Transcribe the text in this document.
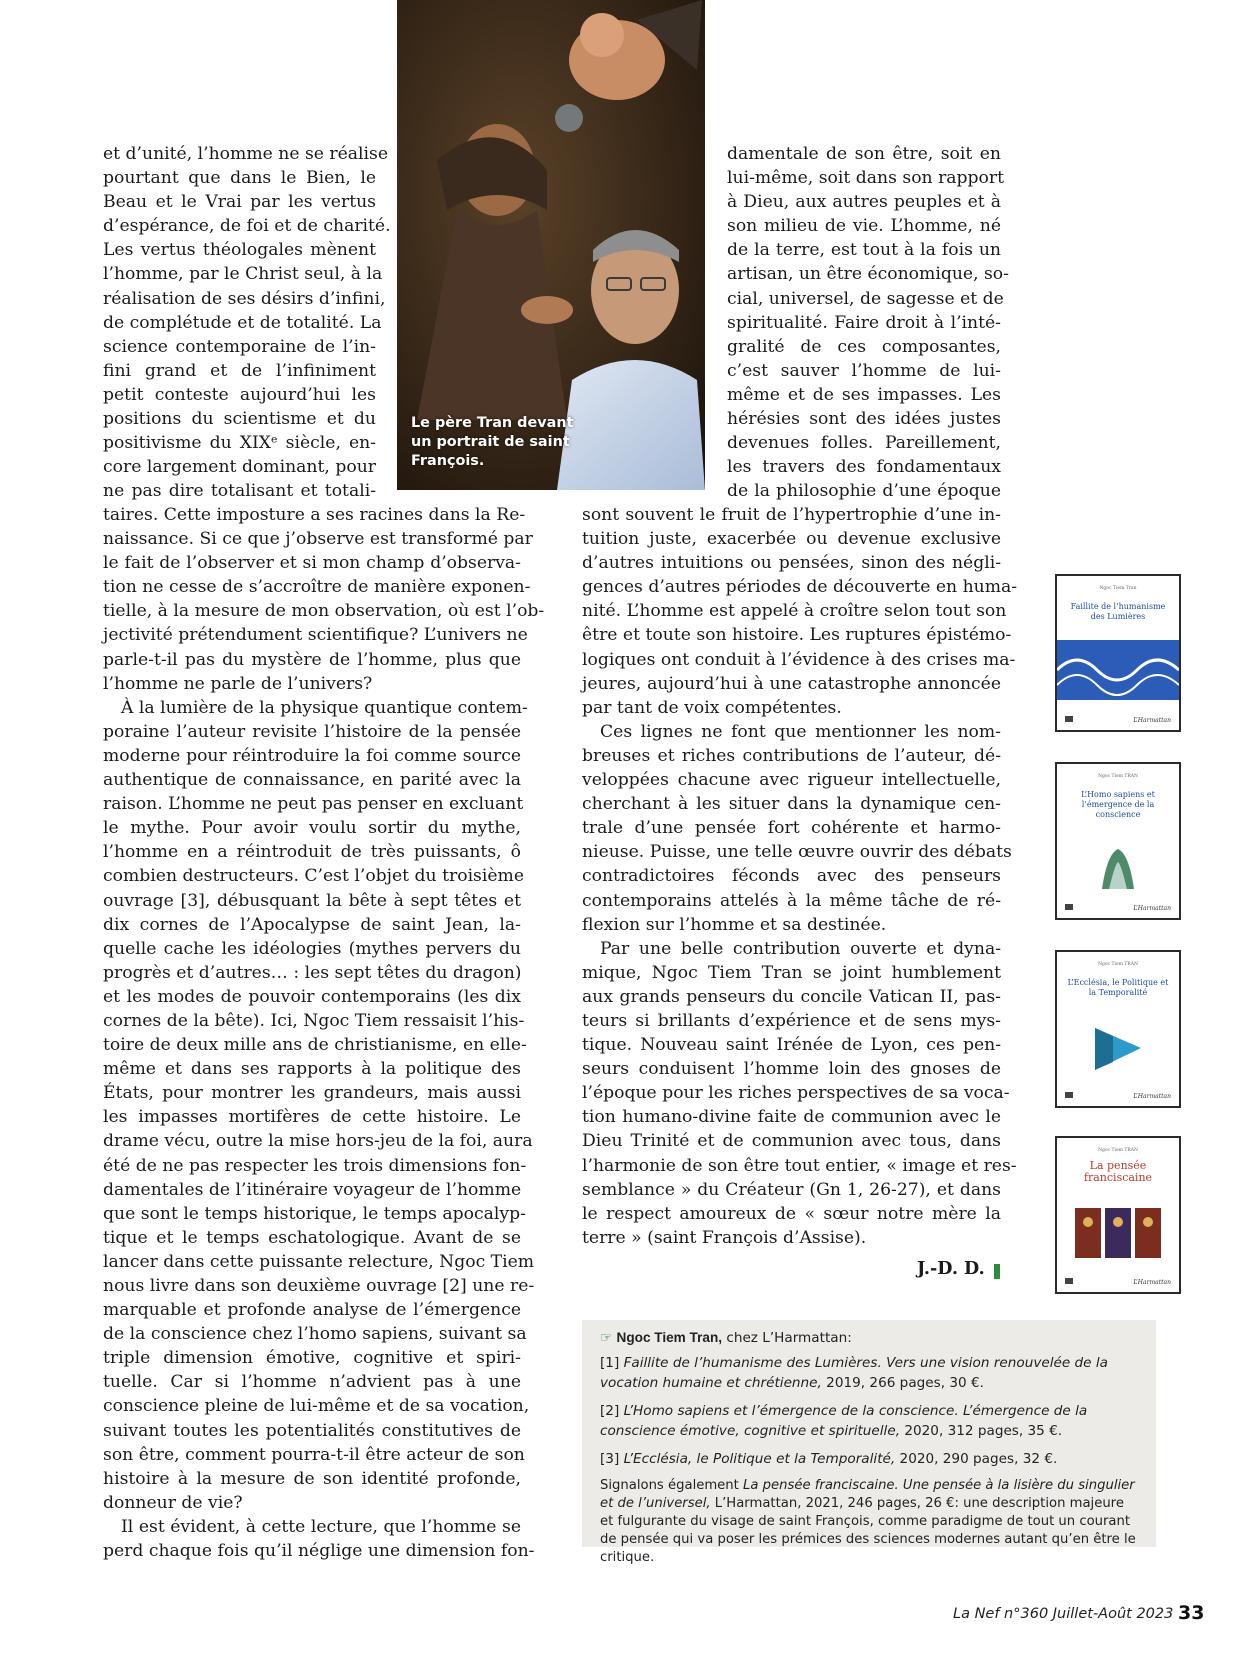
Le père Tran devant un portrait de saint François.

et d’unité, l’homme ne se réalise
pourtant que dans le Bien, le
Beau et le Vrai par les vertus
d’espérance, de foi et de charité.
Les vertus théologales mènent
l’homme, par le Christ seul, à la
réalisation de ses désirs d’infini,
de complétude et de totalité. La
science contemporaine de l’in-
fini grand et de l’infiniment
petit conteste aujourd’hui les
positions du scientisme et du
positivisme du XIXᵉ siècle, en-
core largement dominant, pour
ne pas dire totalisant et totali-

taires. Cette imposture a ses racines dans la Re-
naissance. Si ce que j’observe est transformé par
le fait de l’observer et si mon champ d’observa-
tion ne cesse de s’accroître de manière exponen-
tielle, à la mesure de mon observation, où est l’ob-
jectivité prétendument scientifique? L’univers ne
parle-t-il pas du mystère de l’homme, plus que
l’homme ne parle de l’univers?
À la lumière de la physique quantique contem-
poraine l’auteur revisite l’histoire de la pensée
moderne pour réintroduire la foi comme source
authentique de connaissance, en parité avec la
raison. L’homme ne peut pas penser en excluant
le mythe. Pour avoir voulu sortir du mythe,
l’homme en a réintroduit de très puissants, ô
combien destructeurs. C’est l’objet du troisième
ouvrage [3], débusquant la bête à sept têtes et
dix cornes de l’Apocalypse de saint Jean, la-
quelle cache les idéologies (mythes pervers du
progrès et d’autres… : les sept têtes du dragon)
et les modes de pouvoir contemporains (les dix
cornes de la bête). Ici, Ngoc Tiem ressaisit l’his-
toire de deux mille ans de christianisme, en elle-
même et dans ses rapports à la politique des
États, pour montrer les grandeurs, mais aussi
les impasses mortifères de cette histoire. Le
drame vécu, outre la mise hors-jeu de la foi, aura
été de ne pas respecter les trois dimensions fon-
damentales de l’itinéraire voyageur de l’homme
que sont le temps historique, le temps apocalyp-
tique et le temps eschatologique. Avant de se
lancer dans cette puissante relecture, Ngoc Tiem
nous livre dans son deuxième ouvrage [2] une re-
marquable et profonde analyse de l’émergence
de la conscience chez l’homo sapiens, suivant sa
triple dimension émotive, cognitive et spiri-
tuelle. Car si l’homme n’advient pas à une
conscience pleine de lui-même et de sa vocation,
suivant toutes les potentialités constitutives de
son être, comment pourra-t-il être acteur de son
histoire à la mesure de son identité profonde,
donneur de vie?
Il est évident, à cette lecture, que l’homme se
perd chaque fois qu’il néglige une dimension fon-
damentale de son être, soit en
lui-même, soit dans son rapport
à Dieu, aux autres peuples et à
son milieu de vie. L’homme, né
de la terre, est tout à la fois un
artisan, un être économique, so-
cial, universel, de sagesse et de
spiritualité. Faire droit à l’inté-
gralité de ces composantes,
c’est sauver l’homme de lui-
même et de ses impasses. Les
hérésies sont des idées justes
devenues folles. Pareillement,
les travers des fondamentaux
de la philosophie d’une époque
sont souvent le fruit de l’hypertrophie d’une in-
tuition juste, exacerbée ou devenue exclusive
d’autres intuitions ou pensées, sinon des négli-
gences d’autres périodes de découverte en huma-
nité. L’homme est appelé à croître selon tout son
être et toute son histoire. Les ruptures épistémo-
logiques ont conduit à l’évidence à des crises ma-
jeures, aujourd’hui à une catastrophe annoncée
par tant de voix compétentes.
Ces lignes ne font que mentionner les nom-
breuses et riches contributions de l’auteur, dé-
veloppées chacune avec rigueur intellectuelle,
cherchant à les situer dans la dynamique cen-
trale d’une pensée fort cohérente et harmo-
nieuse. Puisse, une telle œuvre ouvrir des débats
contradictoires féconds avec des penseurs
contemporains attelés à la même tâche de ré-
flexion sur l’homme et sa destinée.
Par une belle contribution ouverte et dyna-
mique, Ngoc Tiem Tran se joint humblement
aux grands penseurs du concile Vatican II, pas-
teurs si brillants d’expérience et de sens mys-
tique. Nouveau saint Irénée de Lyon, ces pen-
seurs conduisent l’homme loin des gnoses de
l’époque pour les riches perspectives de sa voca-
tion humano-divine faite de communion avec le
Dieu Trinité et de communion avec tous, dans
l’harmonie de son être tout entier, « image et res-
semblance » du Créateur (Gn 1, 26-27), et dans
le respect amoureux de « sœur notre mère la
terre » (saint François d’Assise).
J.-D. D.
Ngoc Tiem Tran
Faillite de l’humanisme des Lumières
L’Harmattan
Ngoc Tiem TRAN
L’Homo sapiens et l’émergence de la conscience
L’Harmattan
Ngoc Tiem TRAN
L’Ecclésia, le Politique et la Temporalité
L’Harmattan
Ngoc Tiem TRAN
La pensée franciscaine
L’Harmattan
☞ Ngoc Tiem Tran, chez L’Harmattan:
[1] Faillite de l’humanisme des Lumières. Vers une vision renouvelée de la vocation humaine et chrétienne, 2019, 266 pages, 30 €.
[2] L’Homo sapiens et l’émergence de la conscience. L’émergence de la conscience émotive, cognitive et spirituelle, 2020, 312 pages, 35 €.
[3] L’Ecclésia, le Politique et la Temporalité, 2020, 290 pages, 32 €.
Signalons également La pensée franciscaine. Une pensée à la lisière du singulier et de l’universel, L’Harmattan, 2021, 246 pages, 26 €: une description majeure et fulgurante du visage de saint François, comme paradigme de tout un courant de pensée qui va poser les prémices des sciences modernes autant qu’en être le critique.
La Nef n°360 Juillet-Août 2023 33
